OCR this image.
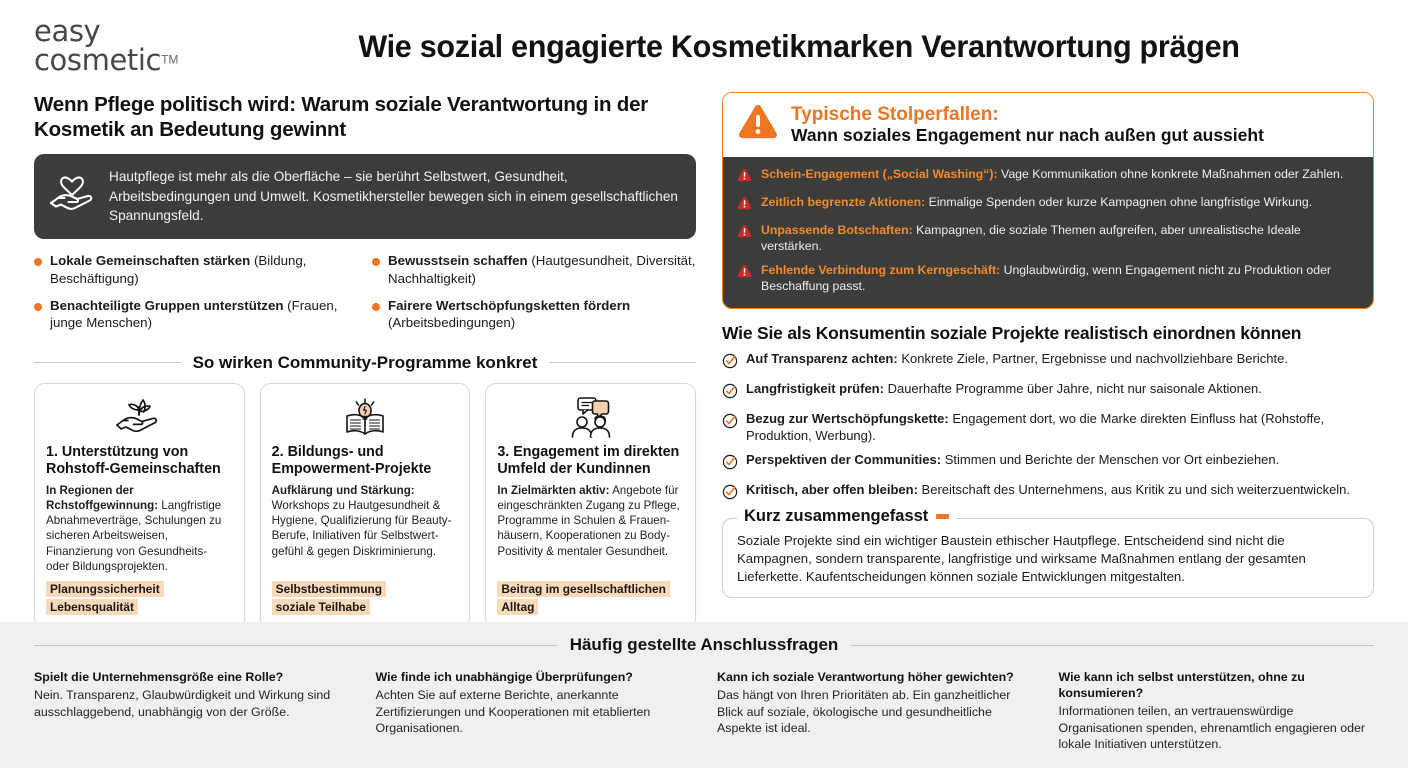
easy
cosmetic™	Wie sozial engagierte Kosmetikmarken Verantwortung prägen
Wenn Pflege politisch wird: Warum soziale Verantwortung in der Kosmetik an Bedeutung gewinnt
Hautpflege ist mehr als die Oberfläche – sie berührt Selbstwert, Gesundheit, Arbeitsbedingungen und Umwelt. Kosmetikhersteller bewegen sich in einem gesellschaftlichen Spannungsfeld.
Lokale Gemeinschaften stärken (Bildung, Beschäftigung)
Benachteiligte Gruppen unterstützen (Frauen, junge Menschen)
Bewusstsein schaffen (Hautgesundheit, Diversität, Nachhaltigkeit)
Fairere Wertschöpfungsketten fördern (Arbeitsbedingungen)
So wirken Community-Programme konkret
1. Unterstützung von Rohstoff-Gemeinschaften
In Regionen der Rchstoffgewinnung: Langfristige Abnahmeverträge, Schulungen zu sicheren Arbeitsweisen, Finanzierung von Gesundheits- oder Bildungsprojekten.
Planungssicherheit
Lebensqualität
2. Bildungs- und Empowerment-Projekte
Aufklärung und Stärkung: Workshops zu Hautgesundheit & Hygiene, Qualifizierung für Beauty-Berufe, Iniliativen für Selbstwert-gefühl & gegen Diskriminierung.
Selbstbestimmung
soziale Teilhabe
3. Engagement im direkten Umfeld der Kundinnen
In Zielmärkten aktiv: Angebote für eingeschränkten Zugang zu Pflege, Programme in Schulen & Frauen-häusern, Kooperationen zu Body-Positivity & mentaler Gesundheit.
Beitrag im gesellschaftlichen
Alltag
Typische Stolperfallen:
Wann soziales Engagement nur nach außen gut aussieht
Schein-Engagement („Social Washing“): Vage Kommunikation ohne konkrete Maßnahmen oder Zahlen.
Zeitlich begrenzte Aktionen: Einmalige Spenden oder kurze Kampagnen ohne langfristige Wirkung.
Unpassende Botschaften: Kampagnen, die soziale Themen aufgreifen, aber unrealistische Ideale verstärken.
Fehlende Verbindung zum Kerngeschäft: Unglaubwürdig, wenn Engagement nicht zu Produktion oder Beschaffung passt.
Wie Sie als Konsumentin soziale Projekte realistisch einordnen können
Auf Transparenz achten: Konkrete Ziele, Partner, Ergebnisse und nachvollziehbare Berichte.
Langfristigkeit prüfen: Dauerhafte Programme über Jahre, nicht nur saisonale Aktionen.
Bezug zur Wertschöpfungskette: Engagement dort, wo die Marke direkten Einfluss hat (Rohstoffe, Produktion, Werbung).
Perspektiven der Communities: Stimmen und Berichte der Menschen vor Ort einbeziehen.
Kritisch, aber offen bleiben: Bereitschaft des Unternehmens, aus Kritik zu und sich weiterzuentwickeln.
Kurz zusammengefasst
Soziale Projekte sind ein wichtiger Baustein ethischer Hautpflege. Entscheidend sind nicht die Kampagnen, sondern transparente, langfristige und wirksame Maßnahmen entlang der gesamten Lieferkette. Kaufentscheidungen können soziale Entwicklungen mitgestalten.
Häufig gestellte Anschlussfragen
Spielt die Unternehmensgröße eine Rolle?
Nein. Transparenz, Glaubwürdigkeit und Wirkung sind ausschlaggebend, unabhängig von der Größe.
Wie finde ich unabhängige Überprüfungen?
Achten Sie auf externe Berichte, anerkannte Zertifizierungen und Kooperationen mit etablierten Organisationen.
Kann ich soziale Verantwortung höher gewichten?
Das hängt von Ihren Prioritäten ab. Ein ganzheitlicher Blick auf soziale, ökologische und gesundheitliche Aspekte ist ideal.
Wie kann ich selbst unterstützen, ohne zu konsumieren?
Informationen teilen, an vertrauenswürdige Organisationen spenden, ehrenamtlich engagieren oder lokale Initiativen unterstützen.
